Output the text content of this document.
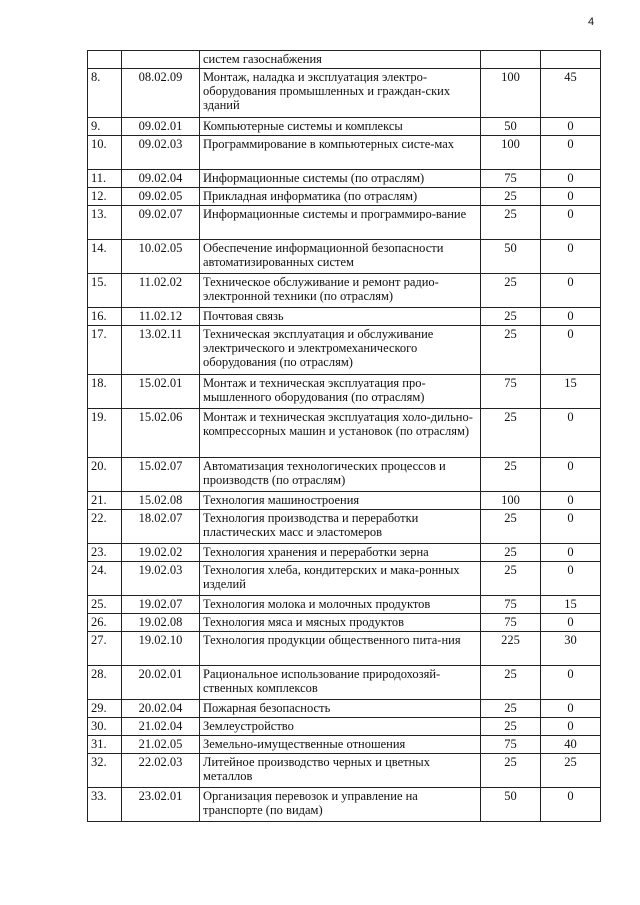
4
		систем газоснабжения		
8.	08.02.09	Монтаж, наладка и эксплуатация электро-оборудования промышленных и граждан-ских зданий	100	45
9.	09.02.01	Компьютерные системы и комплексы	50	0
10.	09.02.03	Программирование в компьютерных систе-мах	100	0
11.	09.02.04	Информационные системы (по отраслям)	75	0
12.	09.02.05	Прикладная информатика (по отраслям)	25	0
13.	09.02.07	Информационные системы и программиро-вание	25	0
14.	10.02.05	Обеспечение информационной безопасности автоматизированных систем	50	0
15.	11.02.02	Техническое обслуживание и ремонт радио-электронной техники (по отраслям)	25	0
16.	11.02.12	Почтовая связь	25	0
17.	13.02.11	Техническая эксплуатация и обслуживание электрического и электромеханического оборудования (по отраслям)	25	0
18.	15.02.01	Монтаж и техническая эксплуатация про-мышленного оборудования (по отраслям)	75	15
19.	15.02.06	Монтаж и техническая эксплуатация холо-дильно-компрессорных машин и установок (по отраслям)	25	0
20.	15.02.07	Автоматизация технологических процессов и производств (по отраслям)	25	0
21.	15.02.08	Технология машиностроения	100	0
22.	18.02.07	Технология производства и переработки пластических масс и эластомеров	25	0
23.	19.02.02	Технология хранения и переработки зерна	25	0
24.	19.02.03	Технология хлеба, кондитерских и мака-ронных изделий	25	0
25.	19.02.07	Технология молока и молочных продуктов	75	15
26.	19.02.08	Технология мяса и мясных продуктов	75	0
27.	19.02.10	Технология продукции общественного пита-ния	225	30
28.	20.02.01	Рациональное использование природохозяй-ственных комплексов	25	0
29.	20.02.04	Пожарная безопасность	25	0
30.	21.02.04	Землеустройство	25	0
31.	21.02.05	Земельно-имущественные отношения	75	40
32.	22.02.03	Литейное производство черных и цветных металлов	25	25
33.	23.02.01	Организация перевозок и управление на транспорте (по видам)	50	0
